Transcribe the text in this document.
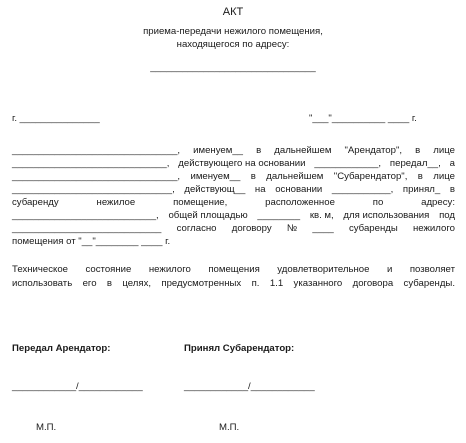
АКТ
приема-передачи нежилого помещения,
находящегося по адресу:
_______________________________
г. _______________	"___"__________ ____ г.
_______________________________, именуем__ в дальнейшем "Арендатор", в лице
_____________________________, действующего на основании ____________, передал__, а
_______________________________, именуем__ в дальнейшем "Субарендатор", в лице
______________________________, действующ__ на основании ___________, принял_ в
субаренду	нежилое	помещение,	расположенное	по	адресу:
___________________________, общей площадью ________ кв. м, для использования под
____________________________ согласно договору № ____ субаренды нежилого
помещения от "__"________ ____ г.
Техническое состояние нежилого помещения удовлетворительное и позволяет
использовать его в целях, предусмотренных п. 1.1 указанного договора субаренды.
Передал Арендатор:	Принял Субарендатор:
____________/____________	____________/____________
М.П.	М.П.
